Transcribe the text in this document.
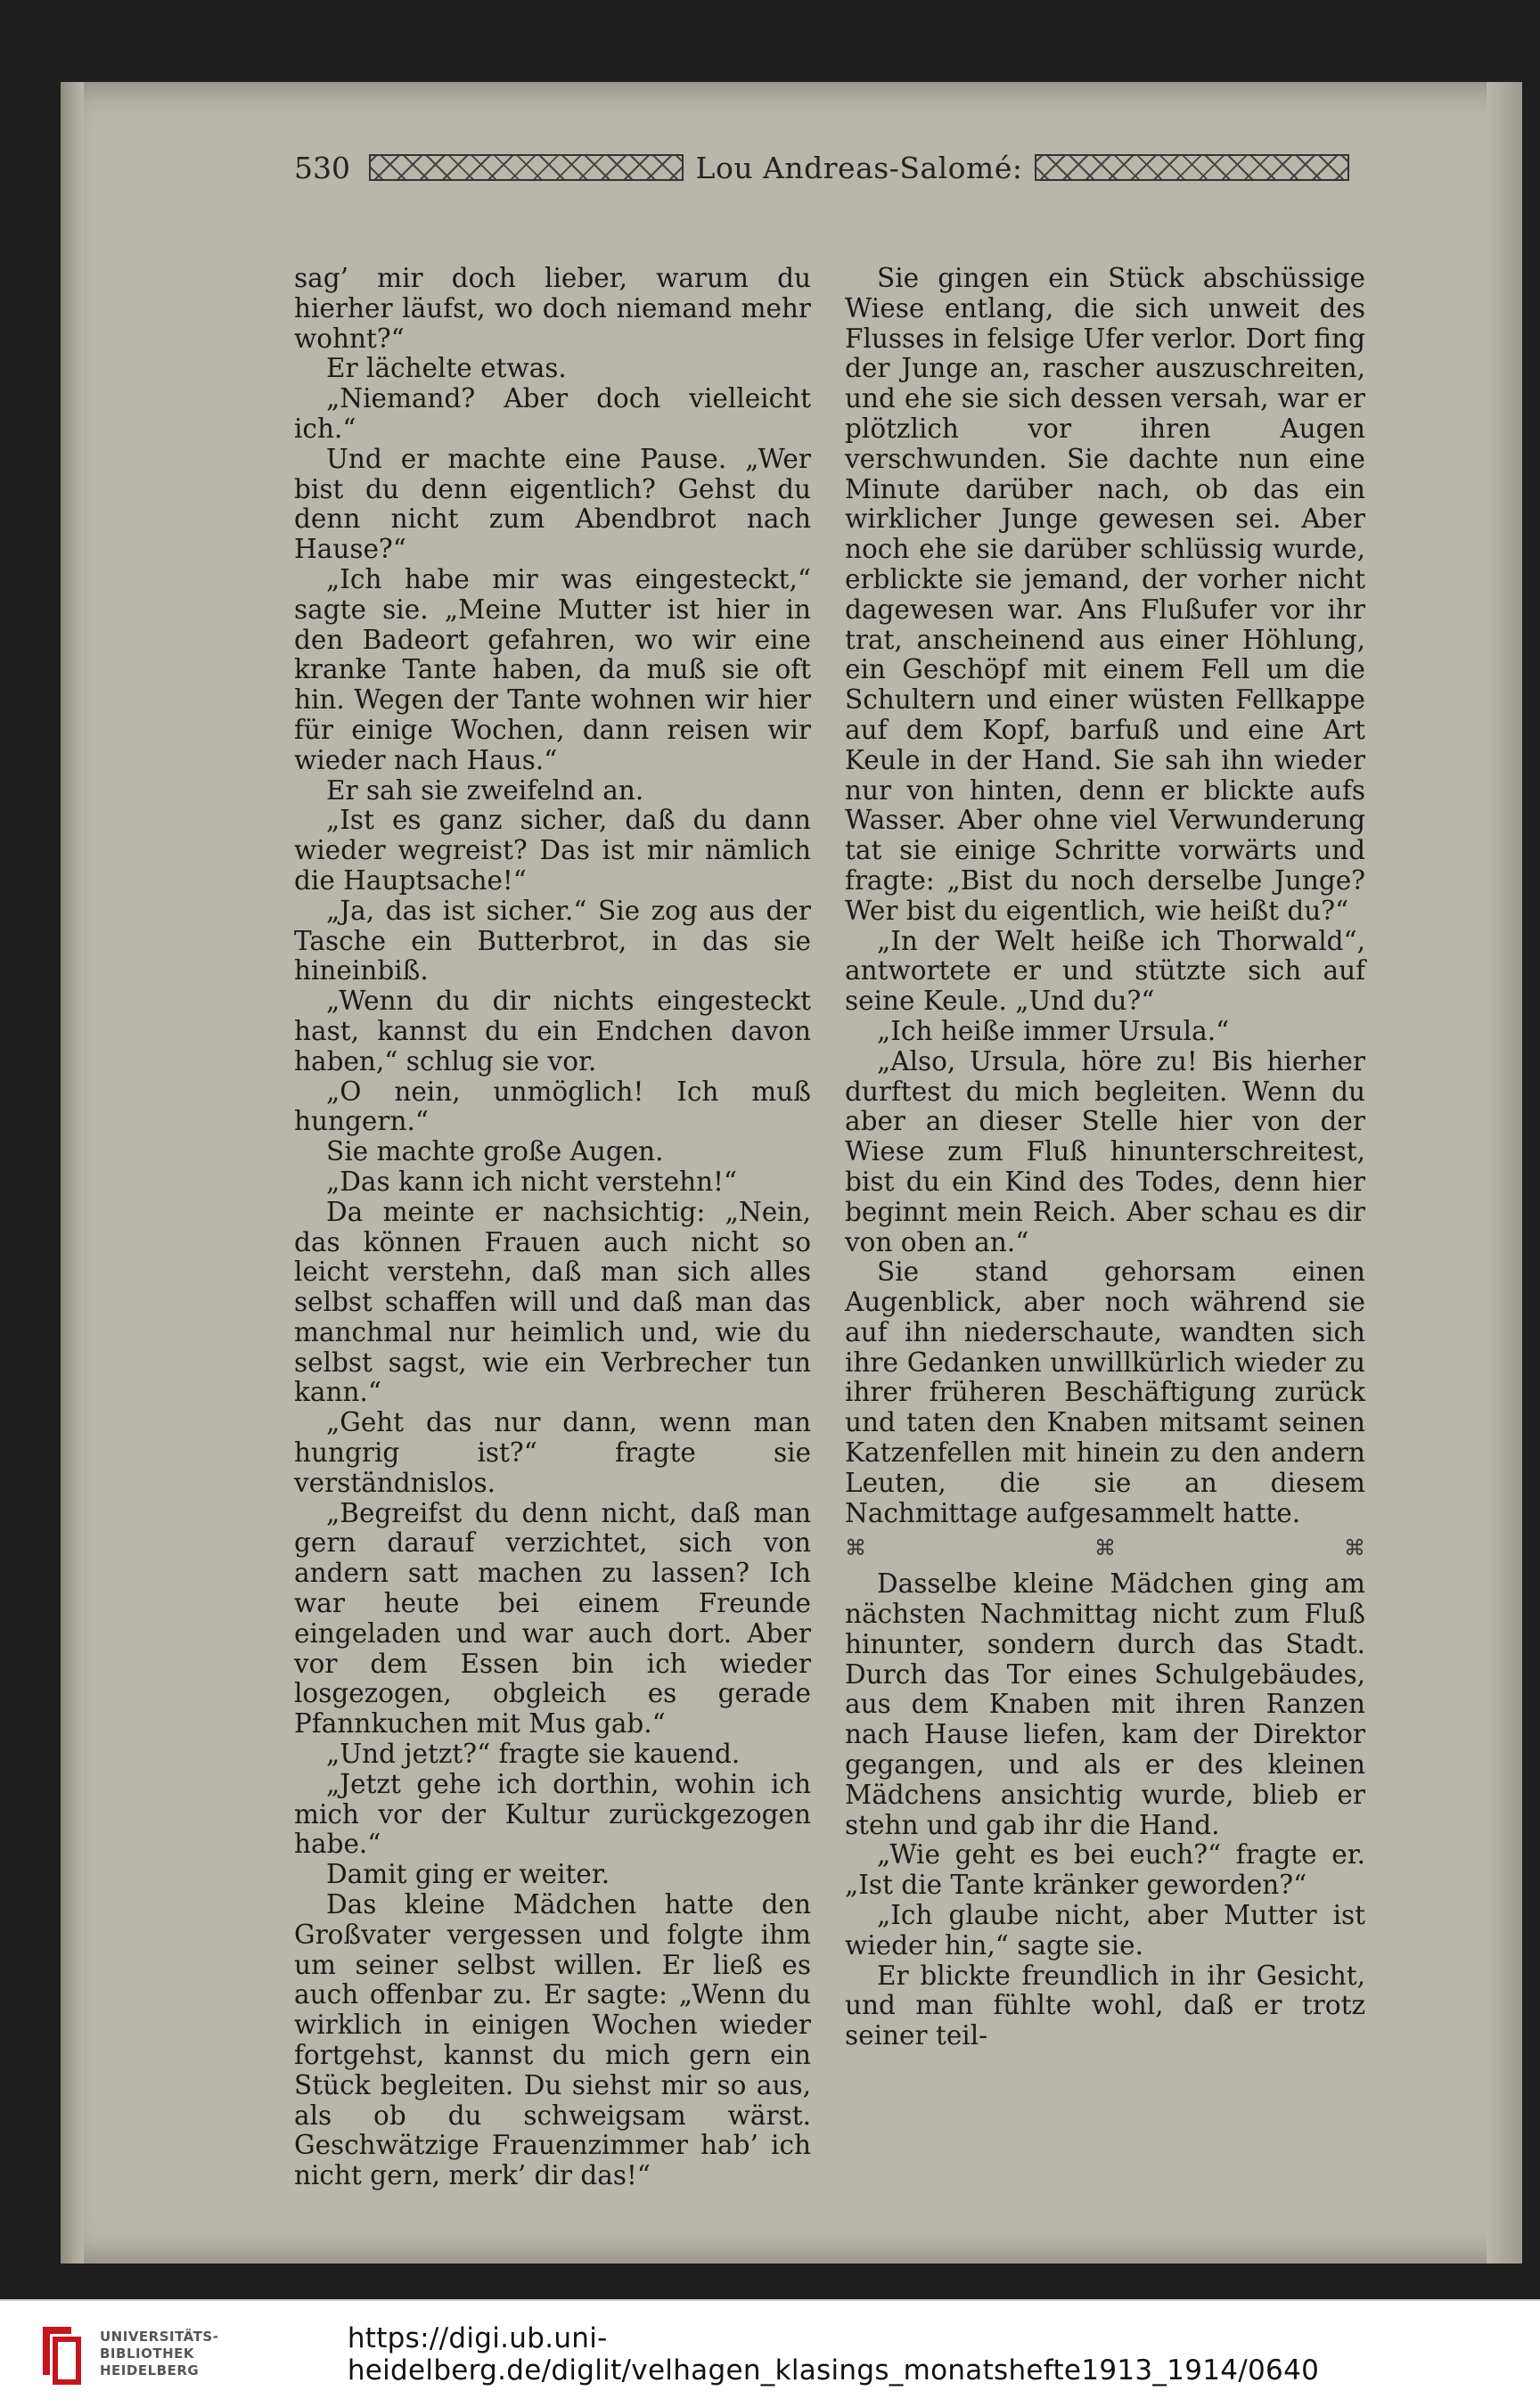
530	Lou Andreas-Salomé:

sag’ mir doch lieber, warum du hierher läufst, wo doch niemand mehr wohnt?“

Er lächelte etwas.

„Niemand? Aber doch vielleicht ich.“

Und er machte eine Pause. „Wer bist du denn eigentlich? Gehst du denn nicht zum Abendbrot nach Hause?“

„Ich habe mir was eingesteckt,“ sagte sie. „Meine Mutter ist hier in den Badeort gefahren, wo wir eine kranke Tante haben, da muß sie oft hin. Wegen der Tante wohnen wir hier für einige Wochen, dann reisen wir wieder nach Haus.“

Er sah sie zweifelnd an.

„Ist es ganz sicher, daß du dann wieder wegreist? Das ist mir nämlich die Hauptsache!“

„Ja, das ist sicher.“ Sie zog aus der Tasche ein Butterbrot, in das sie hineinbiß.

„Wenn du dir nichts eingesteckt hast, kannst du ein Endchen davon haben,“ schlug sie vor.

„O nein, unmöglich! Ich muß hungern.“

Sie machte große Augen.

„Das kann ich nicht verstehn!“

Da meinte er nachsichtig: „Nein, das können Frauen auch nicht so leicht verstehn, daß man sich alles selbst schaffen will und daß man das manchmal nur heimlich und, wie du selbst sagst, wie ein Verbrecher tun kann.“

„Geht das nur dann, wenn man hungrig ist?“ fragte sie verständnislos.

„Begreifst du denn nicht, daß man gern darauf verzichtet, sich von andern satt machen zu lassen? Ich war heute bei einem Freunde eingeladen und war auch dort. Aber vor dem Essen bin ich wieder losgezogen, obgleich es gerade Pfannkuchen mit Mus gab.“

„Und jetzt?“ fragte sie kauend.

„Jetzt gehe ich dorthin, wohin ich mich vor der Kultur zurückgezogen habe.“

Damit ging er weiter.

Das kleine Mädchen hatte den Großvater vergessen und folgte ihm um seiner selbst willen. Er ließ es auch offenbar zu. Er sagte: „Wenn du wirklich in einigen Wochen wieder fortgehst, kannst du mich gern ein Stück begleiten. Du siehst mir so aus, als ob du schweigsam wärst. Geschwätzige Frauenzimmer hab’ ich nicht gern, merk’ dir das!“

Sie gingen ein Stück abschüssige Wiese entlang, die sich unweit des Flusses in felsige Ufer verlor. Dort fing der Junge an, rascher auszuschreiten, und ehe sie sich dessen versah, war er plötzlich vor ihren Augen verschwunden. Sie dachte nun eine Minute darüber nach, ob das ein wirklicher Junge gewesen sei. Aber noch ehe sie darüber schlüssig wurde, erblickte sie jemand, der vorher nicht dagewesen war. Ans Flußufer vor ihr trat, anscheinend aus einer Höhlung, ein Geschöpf mit einem Fell um die Schultern und einer wüsten Fellkappe auf dem Kopf, barfuß und eine Art Keule in der Hand. Sie sah ihn wieder nur von hinten, denn er blickte aufs Wasser. Aber ohne viel Verwunderung tat sie einige Schritte vorwärts und fragte: „Bist du noch derselbe Junge? Wer bist du eigentlich, wie heißt du?“

„In der Welt heiße ich Thorwald“, antwortete er und stützte sich auf seine Keule. „Und du?“

„Ich heiße immer Ursula.“

„Also, Ursula, höre zu! Bis hierher durftest du mich begleiten. Wenn du aber an dieser Stelle hier von der Wiese zum Fluß hinunterschreitest, bist du ein Kind des Todes, denn hier beginnt mein Reich. Aber schau es dir von oben an.“

Sie stand gehorsam einen Augenblick, aber noch während sie auf ihn niederschaute, wandten sich ihre Gedanken unwillkürlich wieder zu ihrer früheren Beschäftigung zurück und taten den Knaben mitsamt seinen Katzenfellen mit hinein zu den andern Leuten, die sie an diesem Nachmittage aufgesammelt hatte.

⌘	⌘	⌘

Dasselbe kleine Mädchen ging am nächsten Nachmittag nicht zum Fluß hinunter, sondern durch das Stadt. Durch das Tor eines Schulgebäudes, aus dem Knaben mit ihren Ranzen nach Hause liefen, kam der Direktor gegangen, und als er des kleinen Mädchens ansichtig wurde, blieb er stehn und gab ihr die Hand.

„Wie geht es bei euch?“ fragte er. „Ist die Tante kränker geworden?“

„Ich glaube nicht, aber Mutter ist wieder hin,“ sagte sie.

Er blickte freundlich in ihr Gesicht, und man fühlte wohl, daß er trotz seiner teil-

UNIVERSITÄTS-
BIBLIOTHEK
HEIDELBERG
https://digi.ub.uni-heidelberg.de/diglit/velhagen_klasings_monatshefte1913_1914/0640
